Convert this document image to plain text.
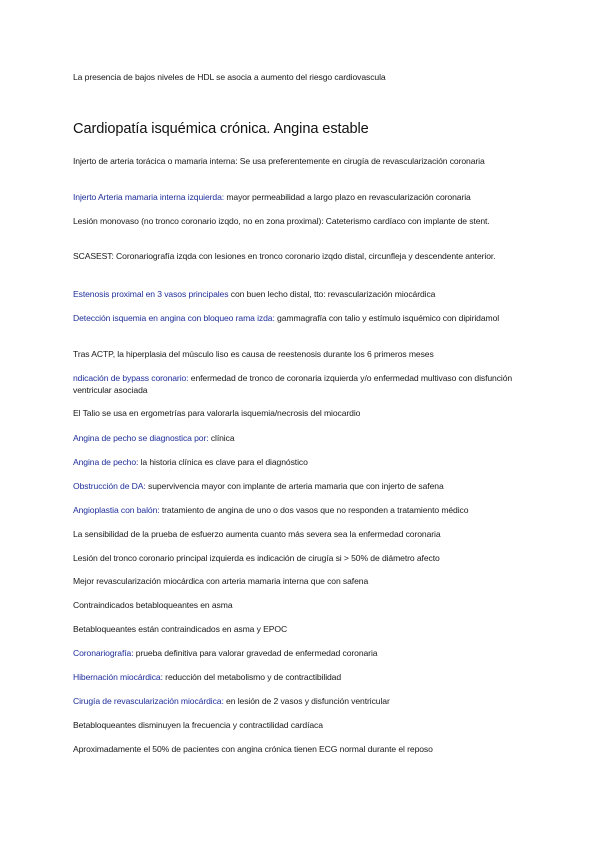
La presencia de bajos niveles de HDL se asocia a aumento del riesgo cardiovascula
Cardiopatía isquémica crónica. Angina estable
Injerto de arteria torácica o mamaria interna: Se usa preferentemente en cirugía de revascularización coronaria
Injerto Arteria mamaria interna izquierda: mayor permeabilidad a largo plazo en revascularización coronaria
Lesión monovaso (no tronco coronario izqdo, no en zona proximal): Cateterismo cardíaco con implante de stent.
SCASEST: Coronariografía izqda con lesiones en tronco coronario izqdo distal, circunfleja y descendente anterior.
Estenosis proximal en 3 vasos principales con buen lecho distal, tto: revascularización miocárdica
Detección isquemia en angina con bloqueo rama izda: gammagrafía con talio y estímulo isquémico con dipiridamol
Tras ACTP, la hiperplasia del músculo liso es causa de reestenosis durante los 6 primeros meses
ndicación de bypass coronario: enfermedad de tronco de coronaria izquierda y/o enfermedad multivaso con disfunción ventricular asociada
El Talio se usa en ergometrías para valorarla isquemia/necrosis del miocardio
Angina de pecho se diagnostica por: clínica
Angina de pecho: la historia clínica es clave para el diagnóstico
Obstrucción de DA: supervivencia mayor con implante de arteria mamaria que con injerto de safena
Angioplastia con balón: tratamiento de angina de uno o dos vasos que no responden a tratamiento médico
La sensibilidad de la prueba de esfuerzo aumenta cuanto más severa sea la enfermedad coronaria
Lesión del tronco coronario principal izquierda es indicación de cirugía si > 50% de diámetro afecto
Mejor revascularización miocárdica con arteria mamaria interna que con safena
Contraindicados betabloqueantes en asma
Betabloqueantes están contraindicados en asma y EPOC
Coronariografía: prueba definitiva para valorar gravedad de enfermedad coronaria
Hibernación miocárdica: reducción del metabolismo y de contractibilidad
Cirugía de revascularización miocárdica: en lesión de 2 vasos y disfunción ventricular
Betabloqueantes disminuyen la frecuencia y contractilidad cardíaca
Aproximadamente el 50% de pacientes con angina crónica tienen ECG normal durante el reposo
